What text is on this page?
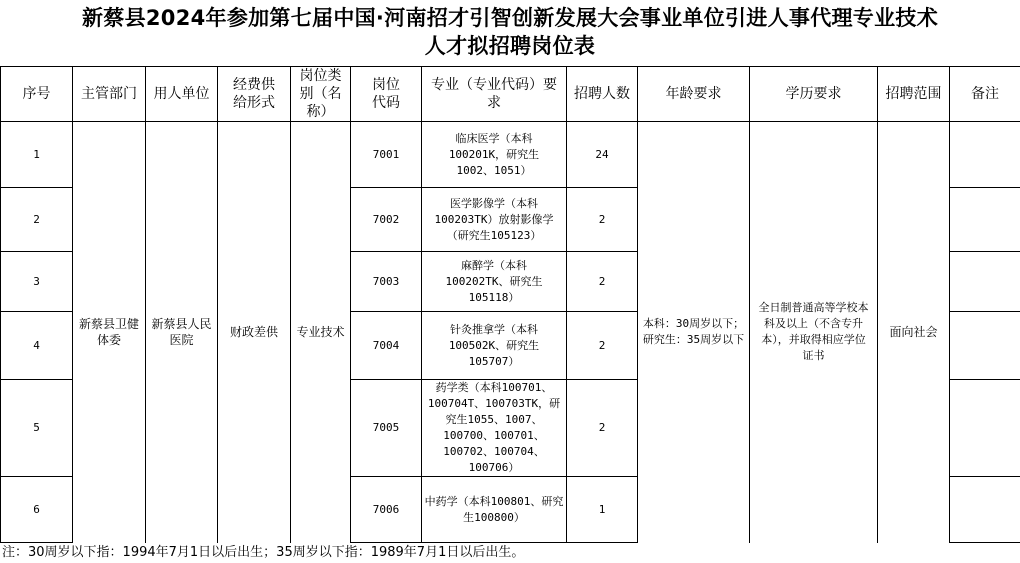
新蔡县2024年参加第七届中国·河南招才引智创新发展大会事业单位引进人事代理专业技术
人才拟招聘岗位表
序号	主管部门	用人单位	经费供给形式	岗位类别（名称）	岗位代码	专业（专业代码）要求	招聘人数	年龄要求	学历要求	招聘范围	备注
1	新蔡县卫健体委	新蔡县人民医院	财政差供	专业技术	7001	临床医学（本科100201K，研究生1002、1051）	24	本科：30周岁以下；研究生：35周岁以下	全日制普通高等学校本科及以上（不含专升本），并取得相应学位证书	面向社会	
2					7002	医学影像学（本科100203TK）放射影像学（研究生105123）	2				
3					7003	麻醉学（本科100202TK、研究生105118）	2				
4					7004	针灸推拿学（本科100502K、研究生105707）	2				
5					7005	药学类（本科100701、100704T、100703TK，研究生1055、1007、100700、100701、100702、100704、100706）	2				
6					7006	中药学（本科100801、研究生100800）	1				
注：30周岁以下指：1994年7月1日以后出生；35周岁以下指：1989年7月1日以后出生。
